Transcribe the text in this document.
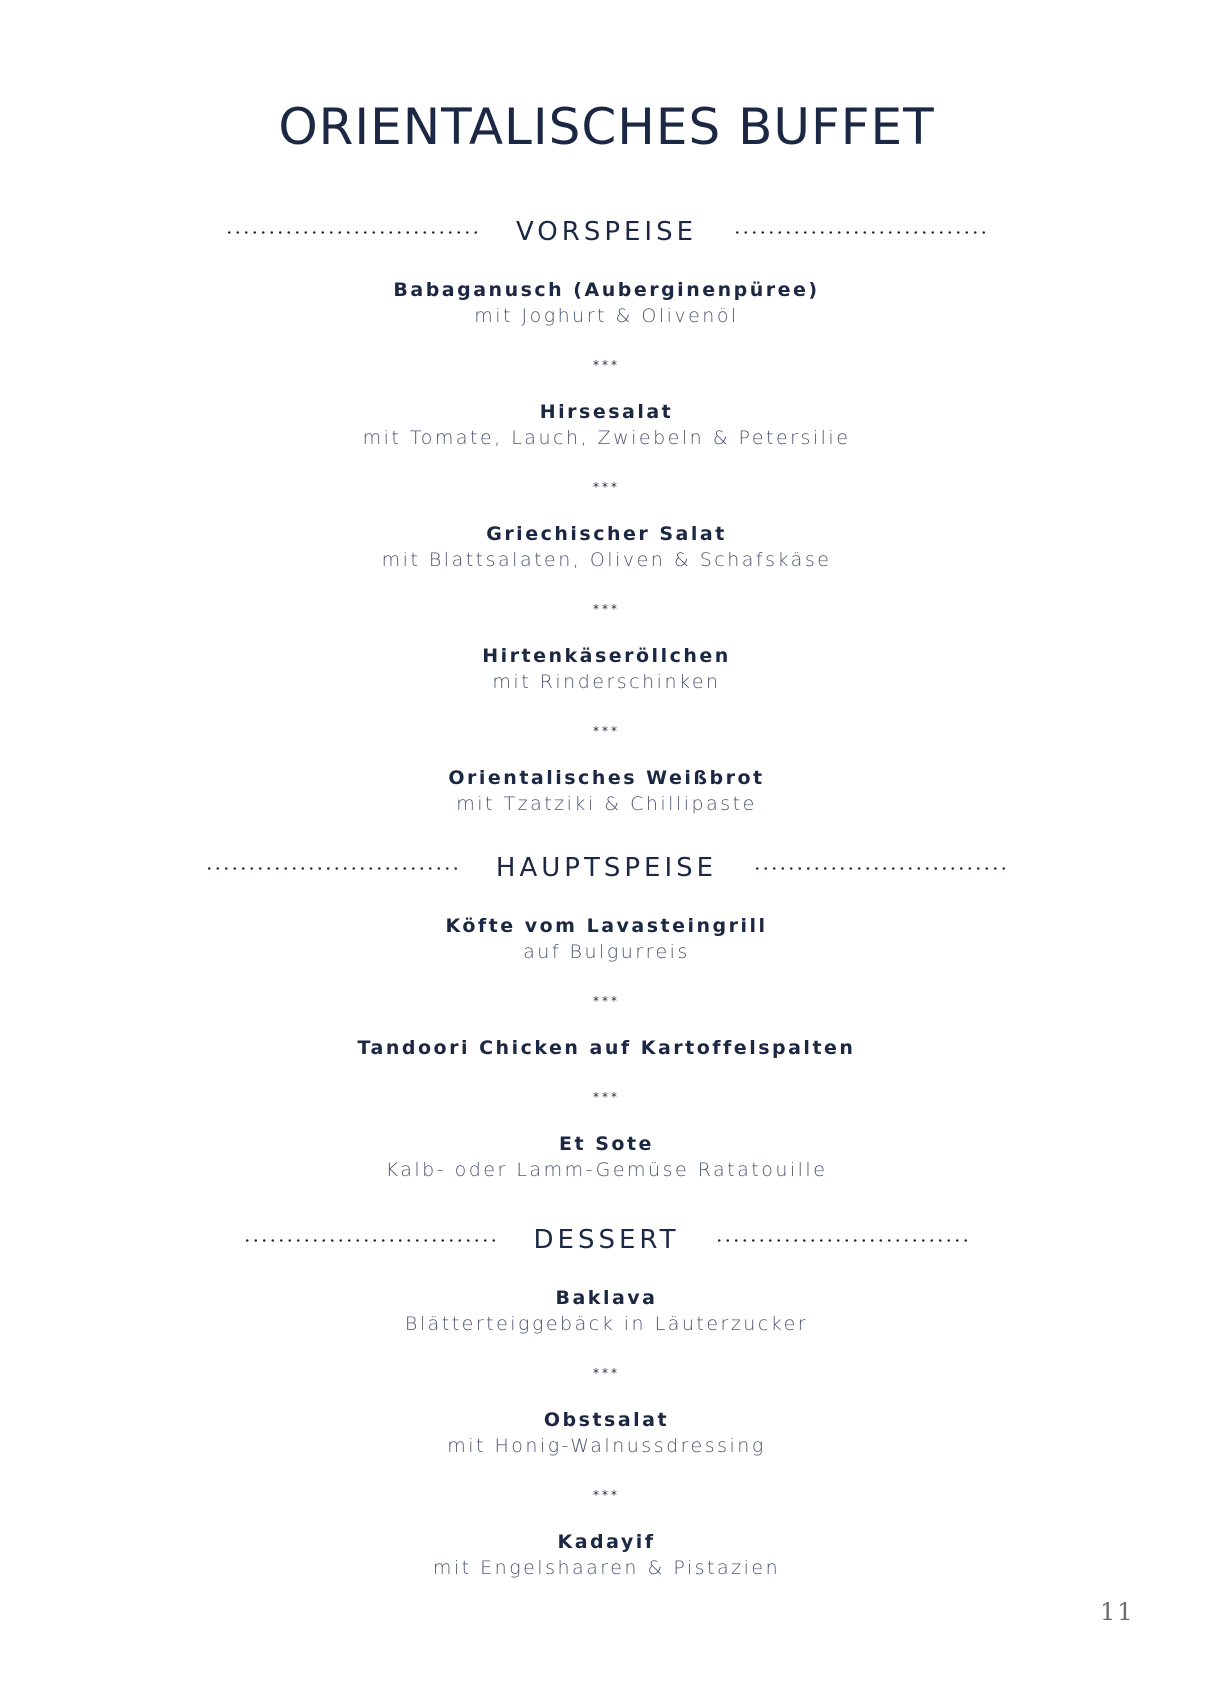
ORIENTALISCHES BUFFET
VORSPEISE

Babaganusch (Auberginenpüree)

mit Joghurt & Olivenöl

***

Hirsesalat

mit Tomate, Lauch, Zwiebeln & Petersilie

***

Griechischer Salat

mit Blattsalaten, Oliven & Schafskäse

***

Hirtenkäseröllchen

mit Rinderschinken

***

Orientalisches Weißbrot

mit Tzatziki & Chillipaste

HAUPTSPEISE

Köfte vom Lavasteingrill

auf Bulgurreis

***

Tandoori Chicken auf Kartoffelspalten

***

Et Sote

Kalb- oder Lamm-Gemüse Ratatouille

DESSERT

Baklava

Blätterteiggebäck in Läuterzucker

***

Obstsalat

mit Honig-Walnussdressing

***

Kadayif

mit Engelshaaren & Pistazien

11
